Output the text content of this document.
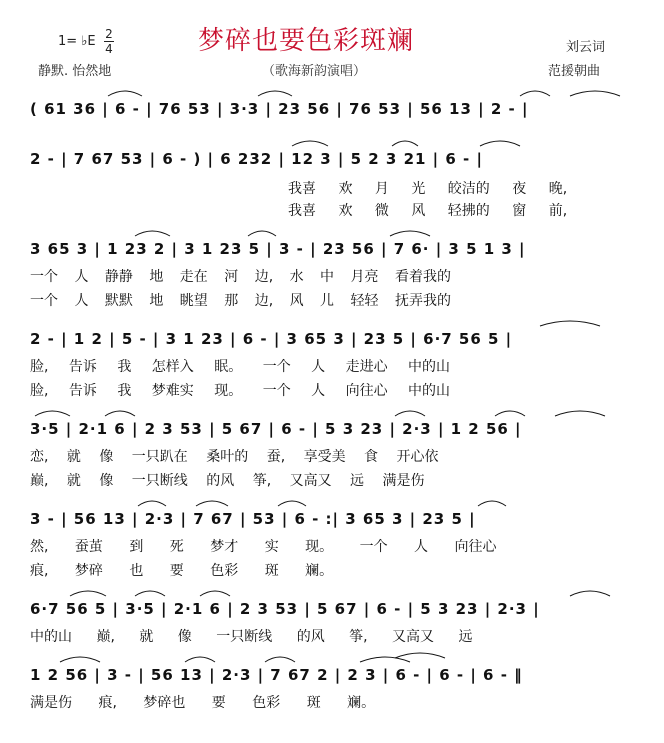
1= ♭E 2
4
静默. 怡然地
梦碎也要色彩斑斓
（歌海新韵演唱）
刘云词
范援朝曲
( 61 36 | 6 - | 76 53 | 3·3 | 23 56 | 76 53 | 56 13 | 2 - |
2 - | 7 67 53 | 6 - ) | 6 232 | 12 3 | 5 2 3 21 | 6 - |
我喜 欢 月 光 皎洁的 夜 晚,
我喜 欢 微 风 轻拂的 窗 前,
3 65 3 | 1 23 2 | 3 1 23 5 | 3 - | 23 56 | 7 6· | 3 5 1 3 |
一个 人 静静 地 走在 河 边, 水 中 月亮 看着我的
一个 人 默默 地 眺望 那 边, 风 儿 轻轻 抚弄我的
2 - | 1 2 | 5 - | 3 1 23 | 6 - | 3 65 3 | 23 5 | 6·7 56 5 |
脸, 告诉 我 怎样入 眠。 一个 人 走进心 中的山
脸, 告诉 我 梦难实 现。 一个 人 向往心 中的山
3·5 | 2·1 6 | 2 3 53 | 5 67 | 6 - | 5 3 23 | 2·3 | 1 2 56 |
恋, 就 像 一只趴在 桑叶的 蚕, 享受美 食 开心依
巅, 就 像 一只断线 的风 筝, 又高又 远 满是伤
3 - | 56 13 | 2·3 | 7 67 | 53 | 6 - :| 3 65 3 | 23 5 |
然, 蚕茧 到 死 梦才 实 现。 一个 人 向往心
痕, 梦碎 也 要 色彩 斑 斓。
6·7 56 5 | 3·5 | 2·1 6 | 2 3 53 | 5 67 | 6 - | 5 3 23 | 2·3 |
中的山 巅, 就 像 一只断线 的风 筝, 又高又 远
1 2 56 | 3 - | 56 13 | 2·3 | 7 67 2 | 2 3 | 6 - | 6 - | 6 - ‖
满是伤 痕, 梦碎也 要 色彩 斑 斓。
